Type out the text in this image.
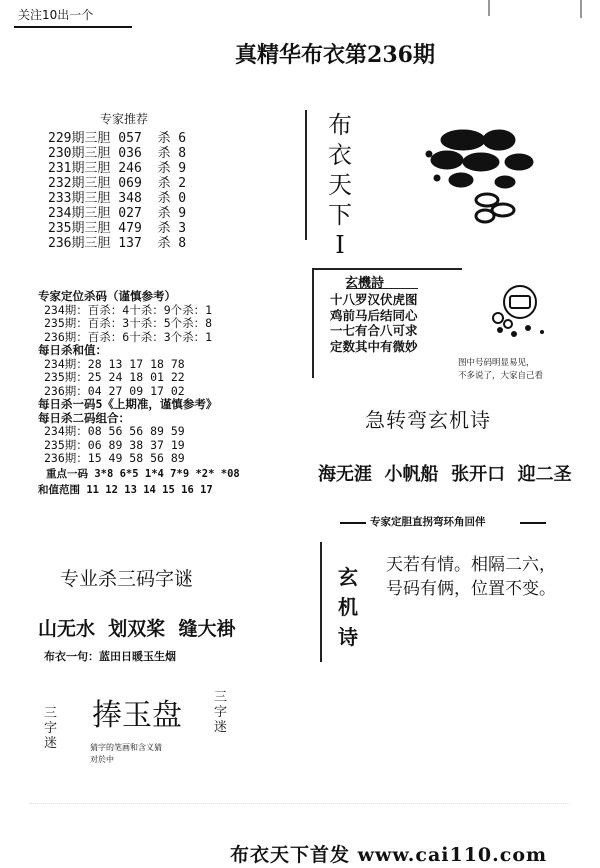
关注10出一个
真精华布衣第236期
专家推荐
229期三胆 057  杀 6
230期三胆 036  杀 8
231期三胆 246  杀 9
232期三胆 069  杀 2
233期三胆 348  杀 0
234期三胆 027  杀 9
235期三胆 479  杀 3
236期三胆 137  杀 8
专家定位杀码（谨慎参考）
234期：百杀：4十杀：9个杀：1
235期：百杀：3十杀：5个杀：8
236期：百杀：6十杀：3个杀：1
每日杀和值：
234期：28 13 17 18 78
235期：25 24 18 01 22
236期：04 27 09 17 02
每日杀一码5《上期准，谨慎参考》
每日杀二码组合：
234期：08 56 56 89 59
235期：06 89 38 37 19
236期：15 49 58 56 89
重点一码 3*8 6*5 1*4 7*9 *2* *08
和值范围 11 12 13 14 15 16 17
专业杀三码字谜
山无水  划双桨  缝大褂
布衣一句：蓝田日暖玉生烟
三字迷
捧玉盘
三字迷
猜字的笔画和含义猜
对於中
布
衣
天
下
I
玄機詩
十八罗汉伏虎图
鸡前马后结同心
一七有合八可求
定数其中有微妙
图中号码明显易见，
不多说了，大家自己看
急转弯玄机诗
海无涯  小帆船  张开口  迎二圣
专家定胆直拐弯环角回伴
玄
机
诗
天若有情。相隔二六，
号码有俩，位置不变。
布衣天下首发 www.cai110.com
